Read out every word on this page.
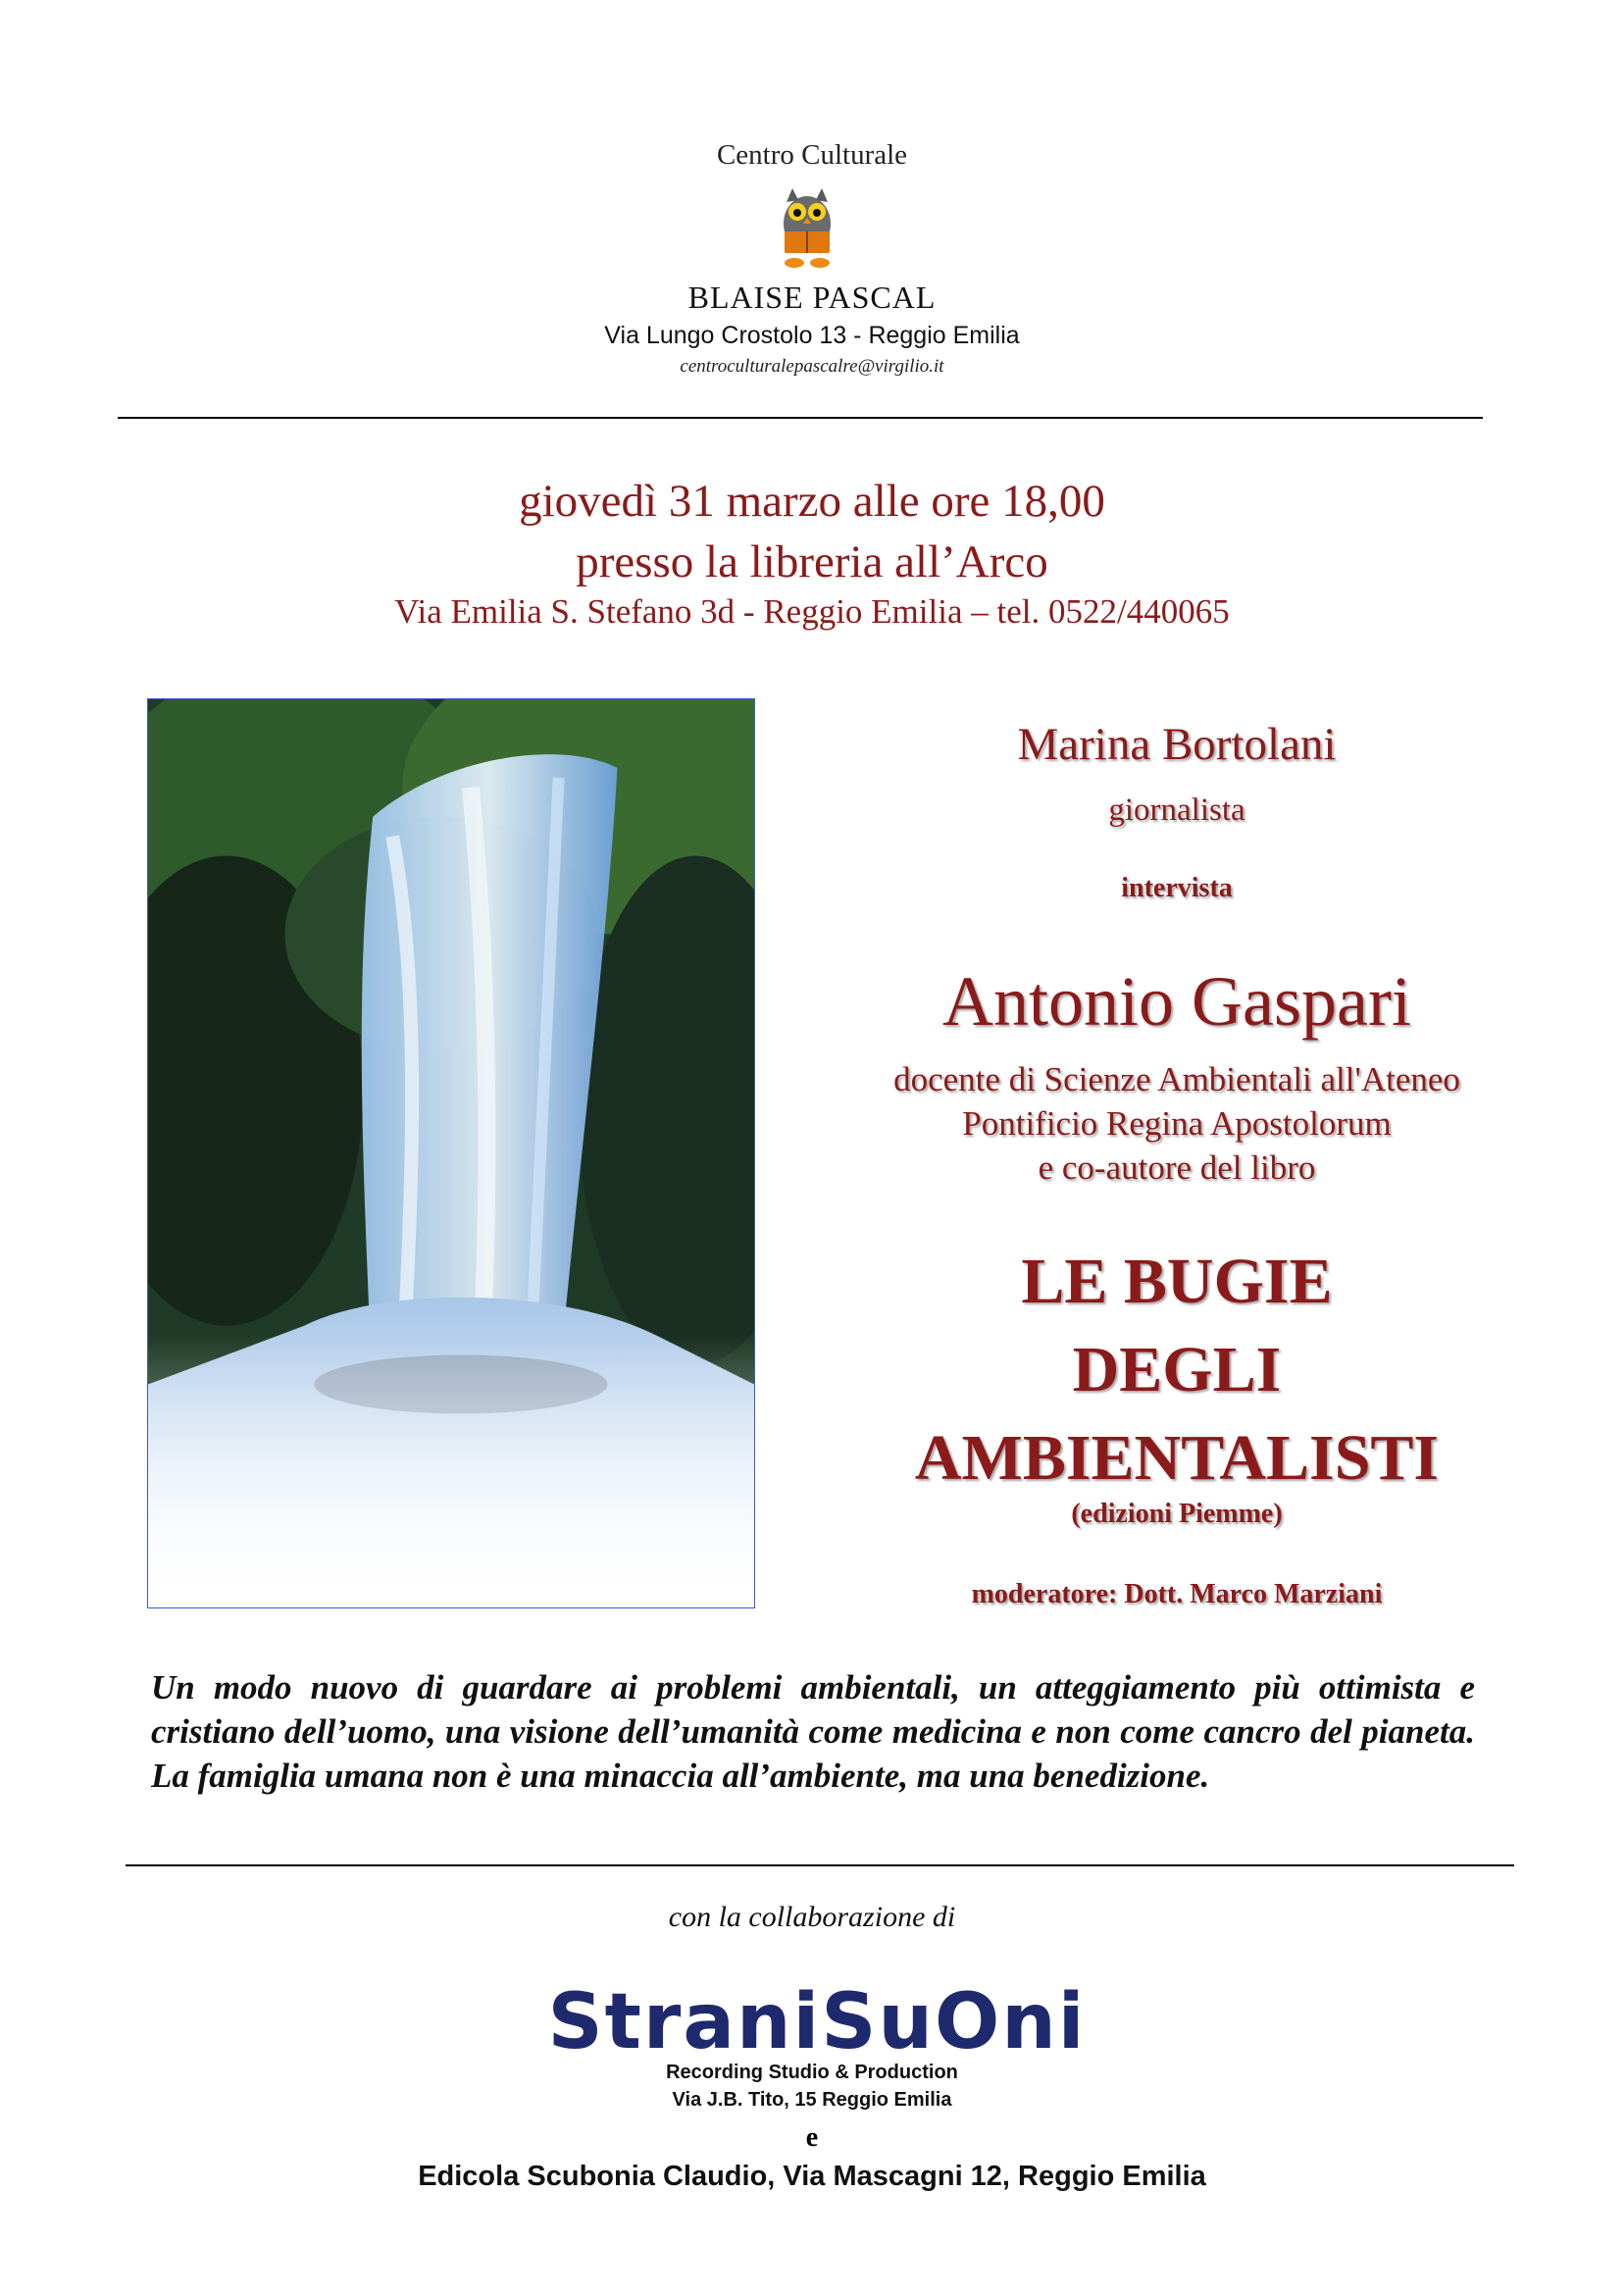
Centro Culturale
BLAISE PASCAL
Via Lungo Crostolo 13 - Reggio Emilia
centroculturalepascalre@virgilio.it
giovedì 31 marzo alle ore 18,00
presso la libreria all’Arco
Via Emilia S. Stefano 3d - Reggio Emilia – tel. 0522/440065
Marina Bortolani
giornalista
intervista
Antonio Gaspari
docente di Scienze Ambientali all'Ateneo
Pontificio Regina Apostolorum
e co-autore del libro
LE BUGIE
DEGLI
AMBIENTALISTI
(edizioni Piemme)
moderatore: Dott. Marco Marziani
Un modo nuovo di guardare ai problemi ambientali, un atteggiamento più ottimista e cristiano dell’uomo, una visione dell’umanità come medicina e non come cancro del pianeta. La famiglia umana non è una minaccia all’ambiente, ma una benedizione.
con la collaborazione di
StraniSuOni
Recording Studio & Production
Via J.B. Tito, 15 Reggio Emilia
e
Edicola Scubonia Claudio, Via Mascagni 12, Reggio Emilia
